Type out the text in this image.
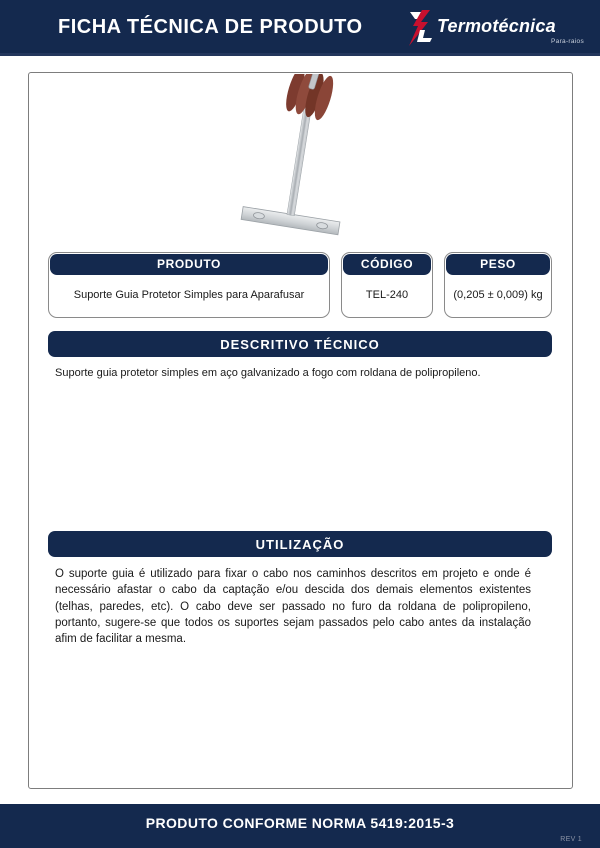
FICHA TÉCNICA DE PRODUTO	Termotécnica
Para-raios
PRODUTO
Suporte Guia Protetor Simples para Aparafusar
CÓDIGO
TEL-240
PESO
(0,205 ± 0,009) kg
DESCRITIVO TÉCNICO
Suporte guia protetor simples em aço galvanizado a fogo com roldana de polipropileno.
UTILIZAÇÃO
O suporte guia é utilizado para fixar o cabo nos caminhos descritos em projeto e onde é necessário afastar o cabo da captação e/ou descida dos demais elementos existentes (telhas, paredes, etc). O cabo deve ser passado no furo da roldana de polipropileno, portanto, sugere-se que todos os suportes sejam passados pelo cabo antes da instalação afim de facilitar a mesma.
PRODUTO CONFORME NORMA 5419:2015-3
REV 1
